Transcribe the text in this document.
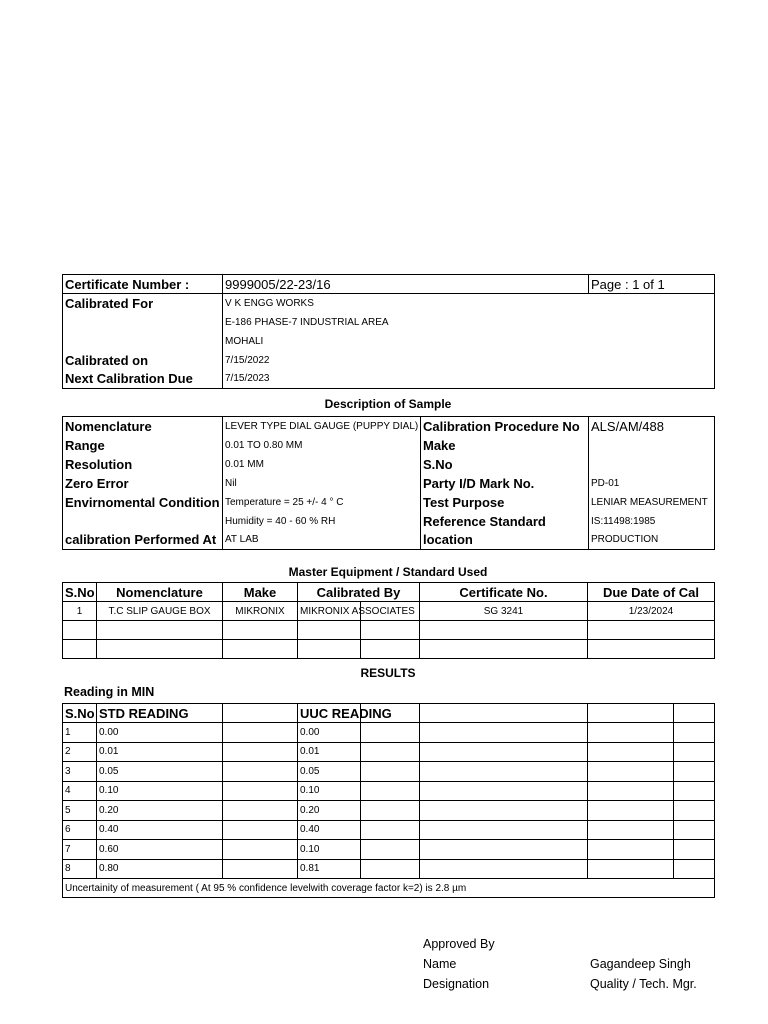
Certificate Number :	9999005/22-23/16	Page : 1 of 1
Calibrated For	V K ENGG WORKS	
	E-186 PHASE-7 INDUSTRIAL AREA	
	MOHALI	
Calibrated on	7/15/2022	
Next Calibration Due	7/15/2023	
Description of Sample
Nomenclature	LEVER TYPE DIAL GAUGE (PUPPY DIAL)	Calibration Procedure No	ALS/AM/488
Range	0.01 TO 0.80 MM	Make	
Resolution	0.01 MM	S.No	
Zero Error	Nil	Party I/D Mark No.	PD-01
Envirnomental Condition	Temperature = 25 +/- 4 ° C	Test Purpose	LENIAR MEASUREMENT
	Humidity = 40 - 60 % RH	Reference Standard	IS:11498:1985
calibration Performed At	AT LAB	location	PRODUCTION
Master Equipment / Standard Used
S.No	Nomenclature	Make	Calibrated By		Certificate No.	Due Date of Cal
1	T.C SLIP GAUGE BOX	MIKRONIX	MIKRONIX ASSOCIATES		SG 3241	1/23/2024

RESULTS
Reading in MIN
S.No	STD READING		UUC READING				
1	0.00		0.00				
2	0.01		0.01				
3	0.05		0.05				
4	0.10		0.10				
5	0.20		0.20				
6	0.40		0.40				
7	0.60		0.10				
8	0.80		0.81				
Uncertainity of measurement ( At 95 % confidence levelwith coverage factor k=2) is 2.8 µm							
Approved By
Name	Gagandeep Singh
Designation	Quality / Tech. Mgr.
